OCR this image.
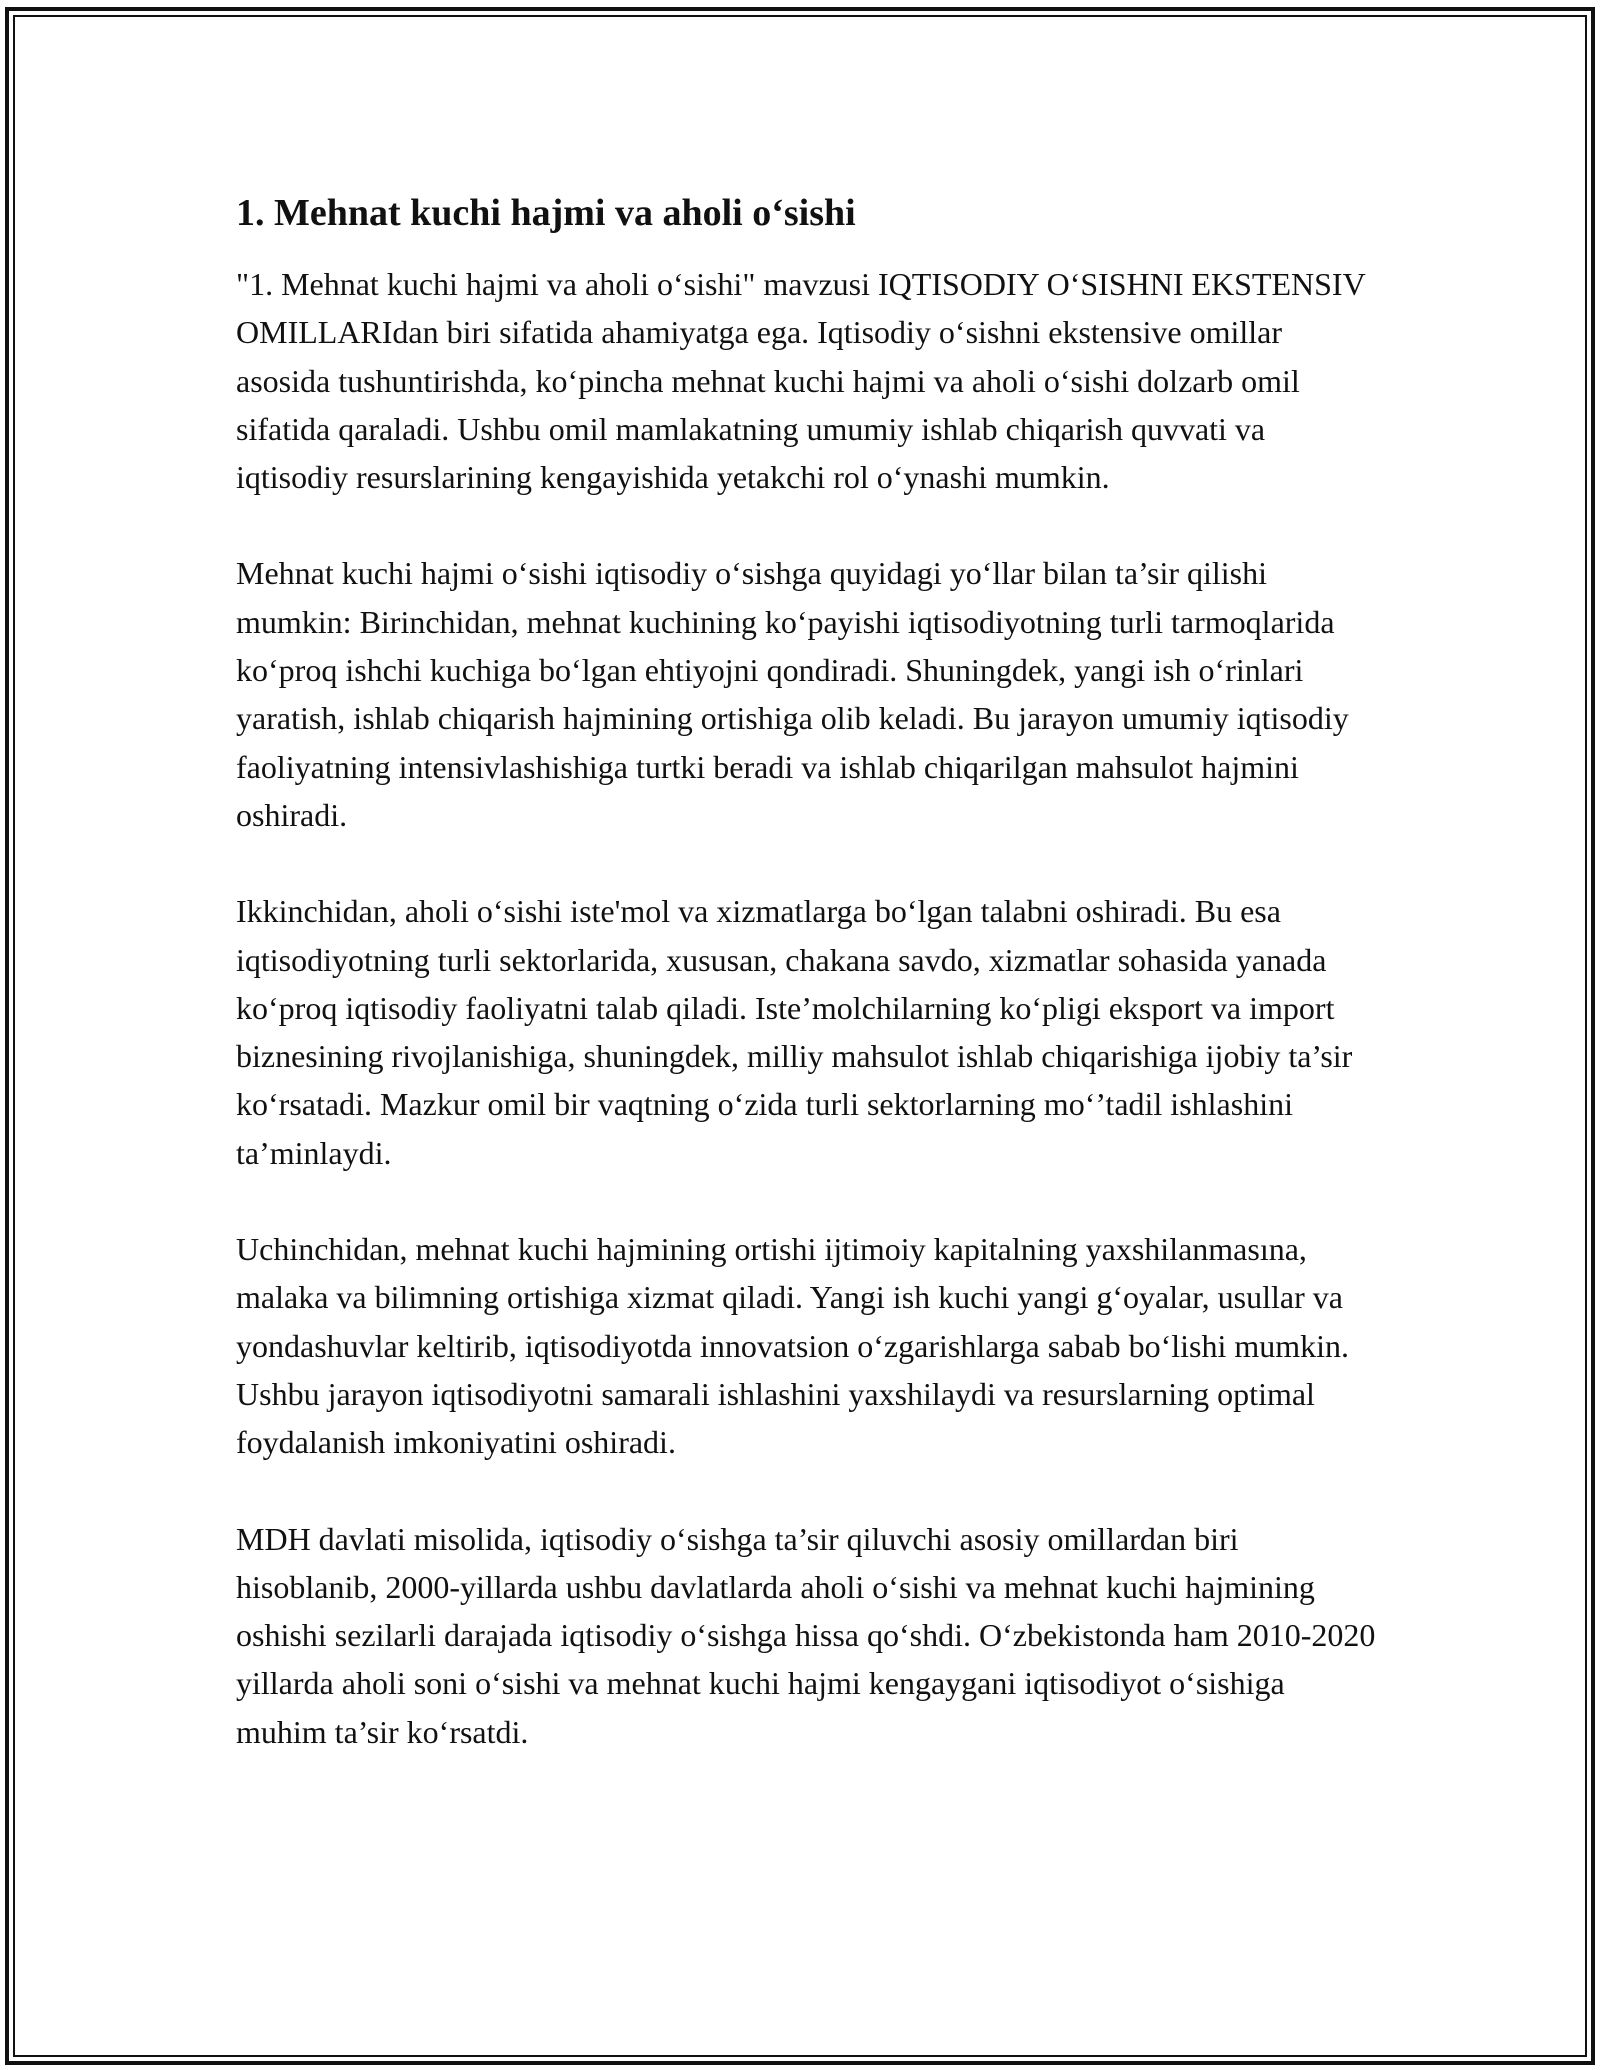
1. Mehnat kuchi hajmi va aholi o‘sishi

"1. Mehnat kuchi hajmi va aholi o‘sishi" mavzusi IQTISODIY O‘SISHNI EKSTENSIV OMILLARIdan biri sifatida ahamiyatga ega. Iqtisodiy o‘sishni ekstensive omillar asosida tushuntirishda, ko‘pincha mehnat kuchi hajmi va aholi o‘sishi dolzarb omil sifatida qaraladi. Ushbu omil mamlakatning umumiy ishlab chiqarish quvvati va iqtisodiy resurslarining kengayishida yetakchi rol o‘ynashi mumkin.

Mehnat kuchi hajmi o‘sishi iqtisodiy o‘sishga quyidagi yo‘llar bilan ta’sir qilishi mumkin: Birinchidan, mehnat kuchining ko‘payishi iqtisodiyotning turli tarmoqlarida ko‘proq ishchi kuchiga bo‘lgan ehtiyojni qondiradi. Shuningdek, yangi ish o‘rinlari yaratish, ishlab chiqarish hajmining ortishiga olib keladi. Bu jarayon umumiy iqtisodiy faoliyatning intensivlashishiga turtki beradi va ishlab chiqarilgan mahsulot hajmini oshiradi.

Ikkinchidan, aholi o‘sishi iste'mol va xizmatlarga bo‘lgan talabni oshiradi. Bu esa iqtisodiyotning turli sektorlarida, xususan, chakana savdo, xizmatlar sohasida yanada ko‘proq iqtisodiy faoliyatni talab qiladi. Iste’molchilarning ko‘pligi eksport va import biznesining rivojlanishiga, shuningdek, milliy mahsulot ishlab chiqarishiga ijobiy ta’sir ko‘rsatadi. Mazkur omil bir vaqtning o‘zida turli sektorlarning mo‘’tadil ishlashini ta’minlaydi.

Uchinchidan, mehnat kuchi hajmining ortishi ijtimoiy kapitalning yaxshilanmasına, malaka va bilimning ortishiga xizmat qiladi. Yangi ish kuchi yangi g‘oyalar, usullar va yondashuvlar keltirib, iqtisodiyotda innovatsion o‘zgarishlarga sabab bo‘lishi mumkin. Ushbu jarayon iqtisodiyotni samarali ishlashini yaxshilaydi va resurslarning optimal foydalanish imkoniyatini oshiradi.

MDH davlati misolida, iqtisodiy o‘sishga ta’sir qiluvchi asosiy omillardan biri hisoblanib, 2000-yillarda ushbu davlatlarda aholi o‘sishi va mehnat kuchi hajmining oshishi sezilarli darajada iqtisodiy o‘sishga hissa qo‘shdi. O‘zbekistonda ham 2010-2020 yillarda aholi soni o‘sishi va mehnat kuchi hajmi kengaygani iqtisodiyot o‘sishiga muhim ta’sir ko‘rsatdi.
